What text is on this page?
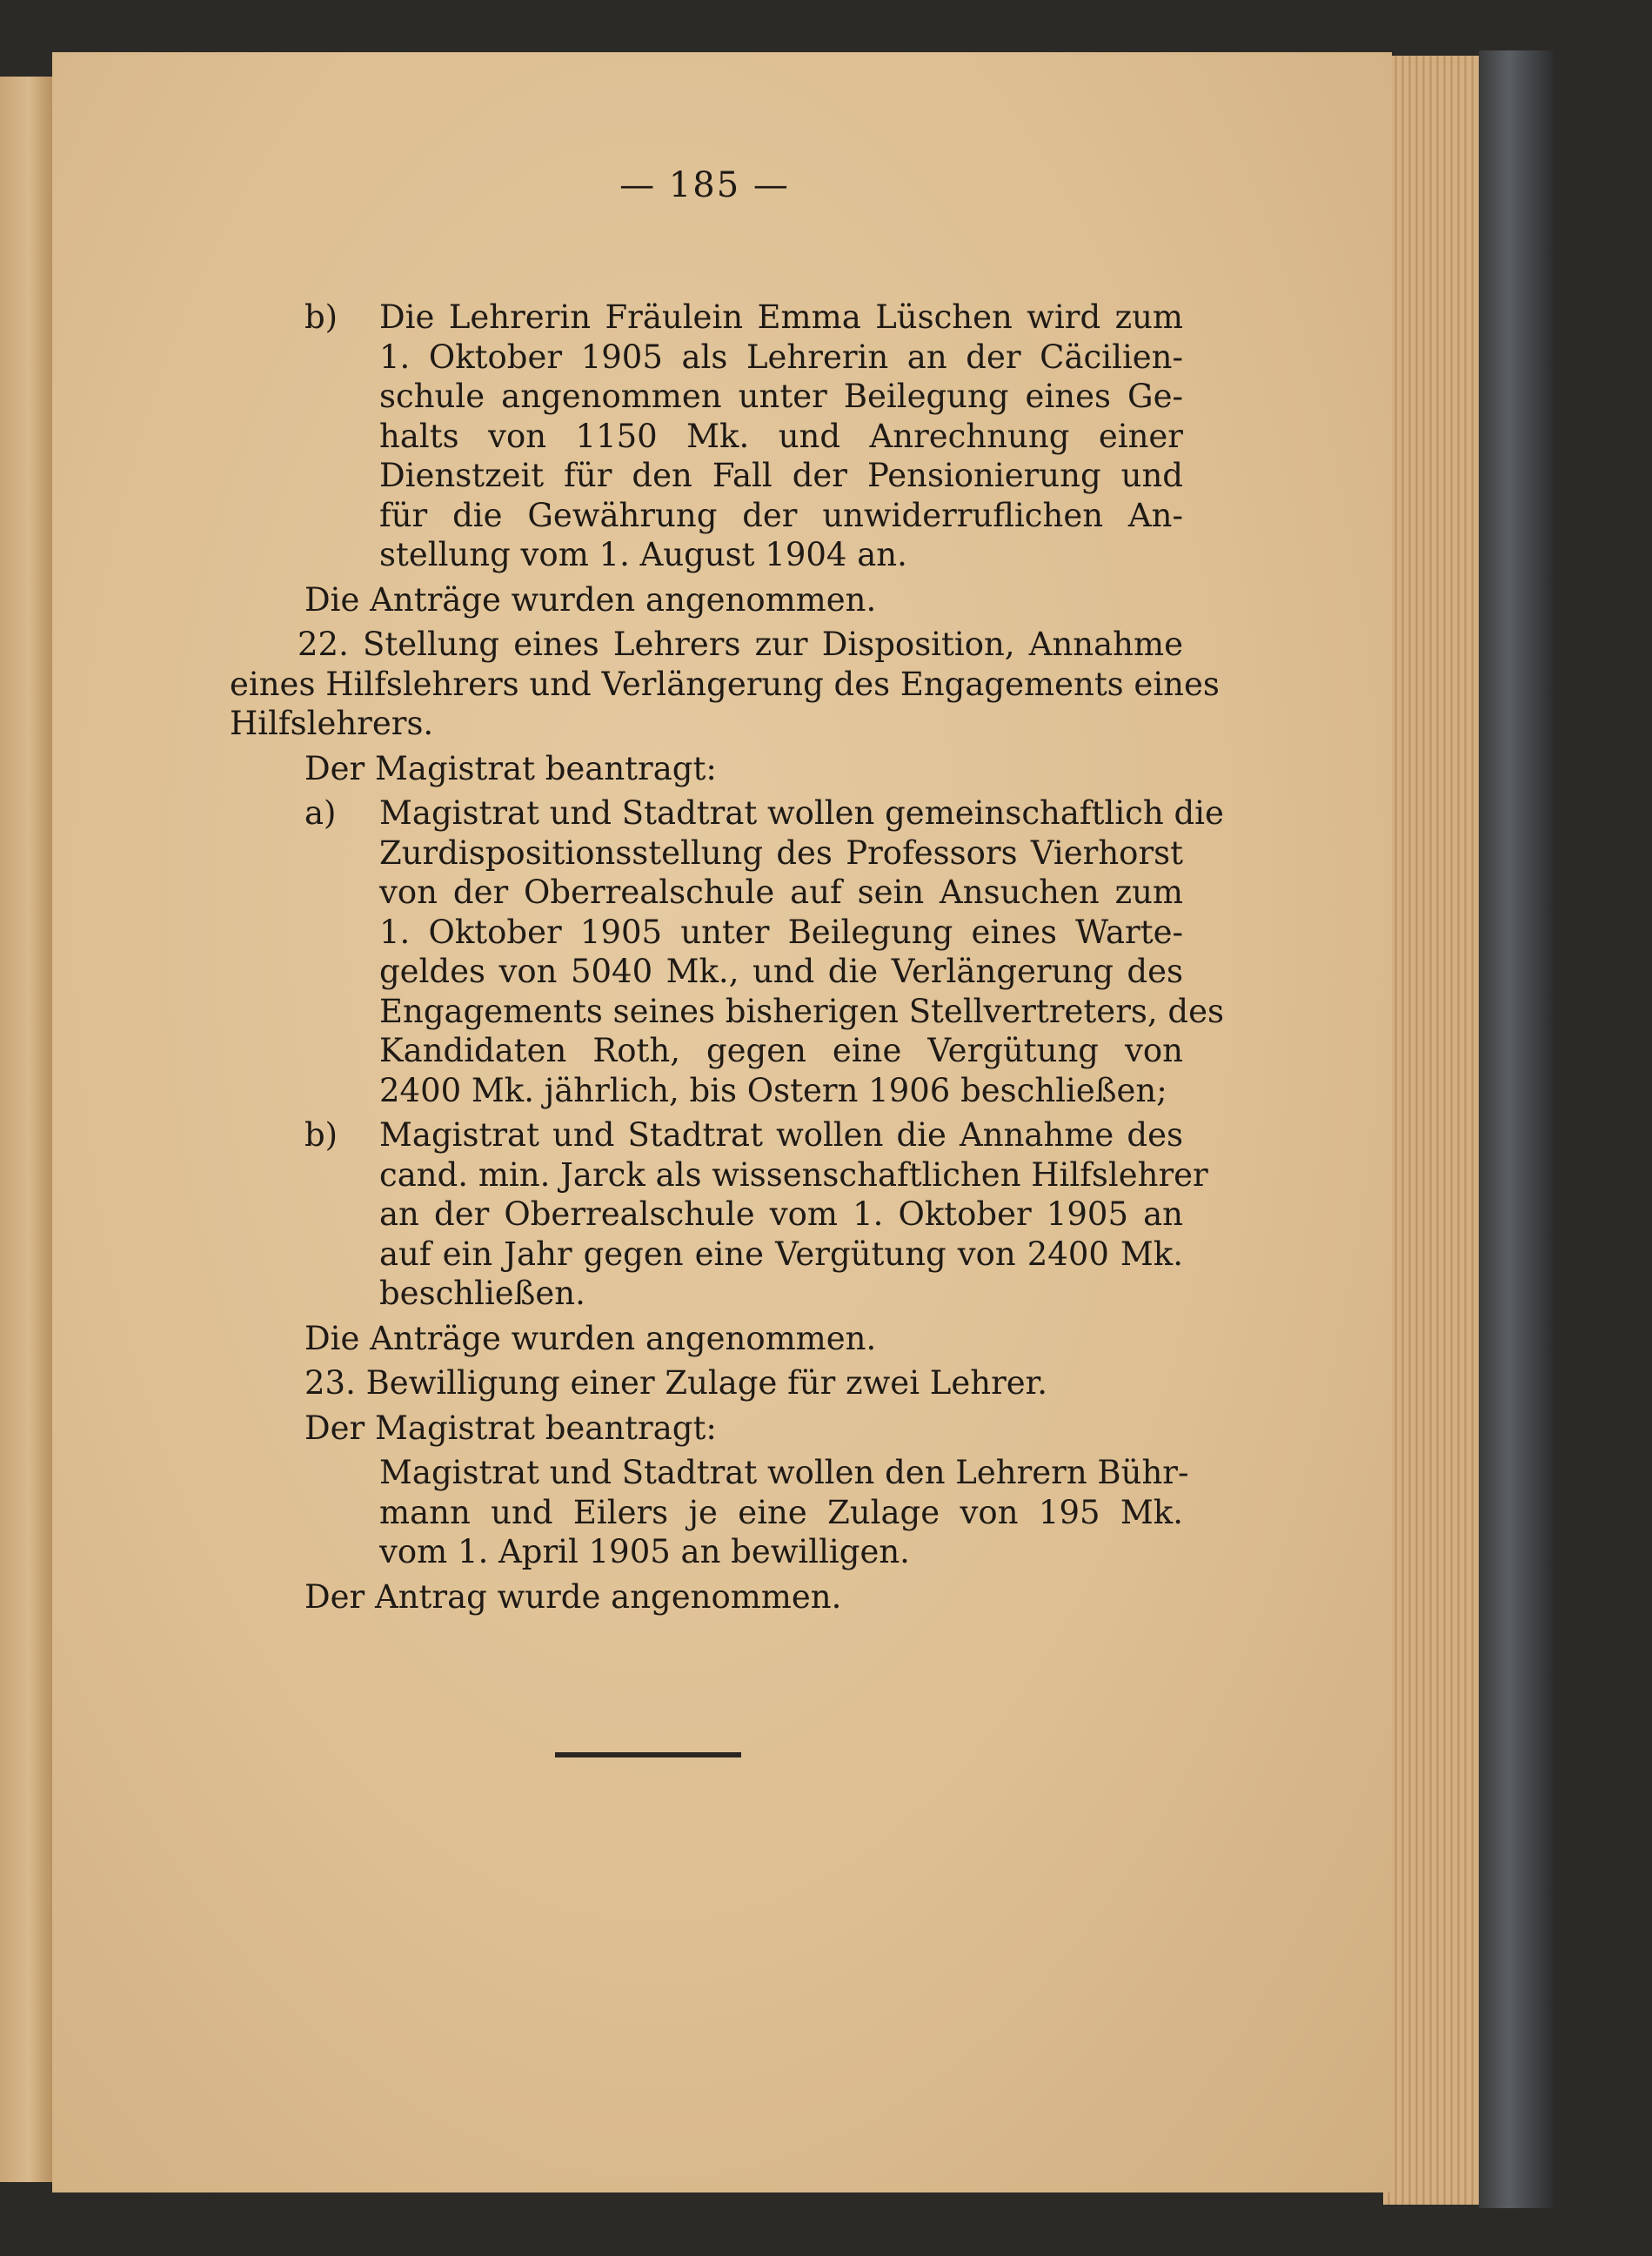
— 185 —
b) Die Lehrerin Fräulein Emma Lüschen wird zum
1. Oktober 1905 als Lehrerin an der Cäcilien-
schule angenommen unter Beilegung eines Ge-
halts von 1150 Mk. und Anrechnung einer
Dienstzeit für den Fall der Pensionierung und
für die Gewährung der unwiderruflichen An-
stellung vom 1. August 1904 an.
Die Anträge wurden angenommen.
22. Stellung eines Lehrers zur Disposition, Annahme
eines Hilfslehrers und Verlängerung des Engagements eines
Hilfslehrers.
Der Magistrat beantragt:
a) Magistrat und Stadtrat wollen gemeinschaftlich die
Zurdispositionsstellung des Professors Vierhorst
von der Oberrealschule auf sein Ansuchen zum
1. Oktober 1905 unter Beilegung eines Warte-
geldes von 5040 Mk., und die Verlängerung des
Engagements seines bisherigen Stellvertreters, des
Kandidaten Roth, gegen eine Vergütung von
2400 Mk. jährlich, bis Ostern 1906 beschließen;
b) Magistrat und Stadtrat wollen die Annahme des
cand. min. Jarck als wissenschaftlichen Hilfslehrer
an der Oberrealschule vom 1. Oktober 1905 an
auf ein Jahr gegen eine Vergütung von 2400 Mk.
beschließen.
Die Anträge wurden angenommen.
23. Bewilligung einer Zulage für zwei Lehrer.
Der Magistrat beantragt:
Magistrat und Stadtrat wollen den Lehrern Bühr-
mann und Eilers je eine Zulage von 195 Mk.
vom 1. April 1905 an bewilligen.
Der Antrag wurde angenommen.
